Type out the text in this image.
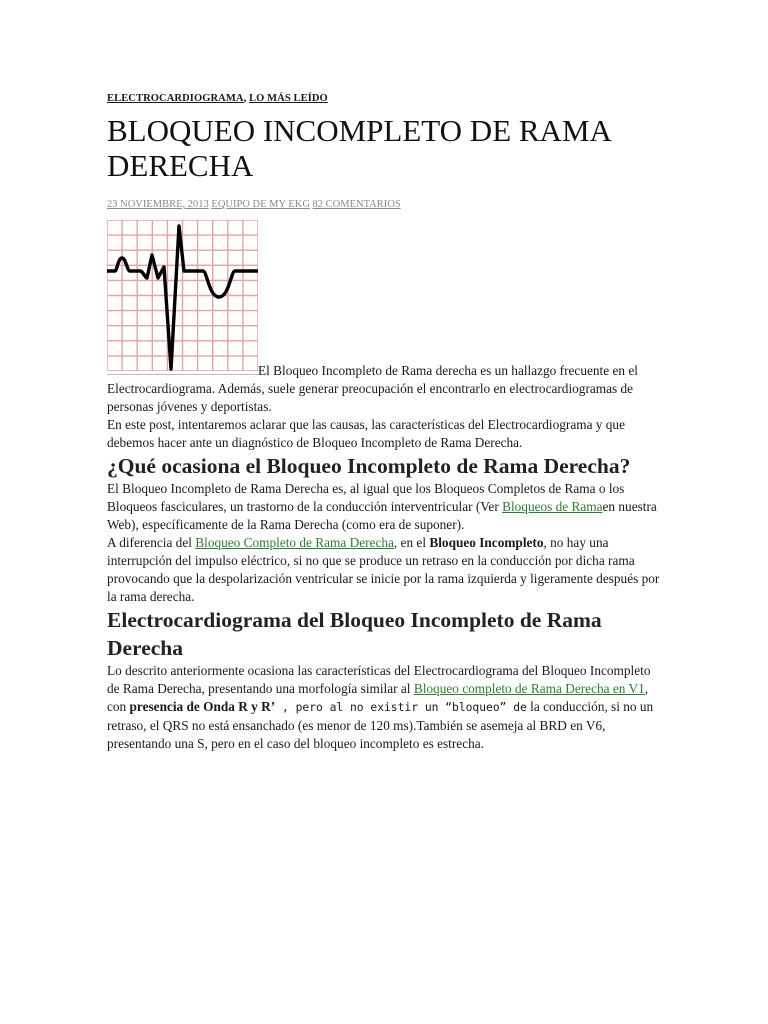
ELECTROCARDIOGRAMA, LO MÁS LEÍDO
BLOQUEO INCOMPLETO DE RAMA DERECHA
23 NOVIEMBRE, 2013 EQUIPO DE MY EKG 82 COMENTARIOS

El Bloqueo Incompleto de Rama derecha es un hallazgo frecuente en el Electrocardiograma. Además, suele generar preocupación el encontrarlo en electrocardiogramas de personas jóvenes y deportistas.

En este post, intentaremos aclarar que las causas, las características del Electrocardiograma y que debemos hacer ante un diagnóstico de Bloqueo Incompleto de Rama Derecha.

¿Qué ocasiona el Bloqueo Incompleto de Rama Derecha?

El Bloqueo Incompleto de Rama Derecha es, al igual que los Bloqueos Completos de Rama o los Bloqueos fasciculares, un trastorno de la conducción interventricular (Ver Bloqueos de Ramaen nuestra Web), específicamente de la Rama Derecha (como era de suponer).

A diferencia del Bloqueo Completo de Rama Derecha, en el Bloqueo Incompleto, no hay una interrupción del impulso eléctrico, si no que se produce un retraso en la conducción por dicha rama provocando que la despolarización ventricular se inicie por la rama izquierda y ligeramente después por la rama derecha.

Electrocardiograma del Bloqueo Incompleto de Rama Derecha

Lo descrito anteriormente ocasiona las características del Electrocardiograma del Bloqueo Incompleto de Rama Derecha, presentando una morfología similar al Bloqueo completo de Rama Derecha en V1, con presencia de Onda R y R’ , pero al no existir un “bloqueo” de la conducción, si no un retraso, el QRS no está ensanchado (es menor de 120 ms).También se asemeja al BRD en V6, presentando una S, pero en el caso del bloqueo incompleto es estrecha.
